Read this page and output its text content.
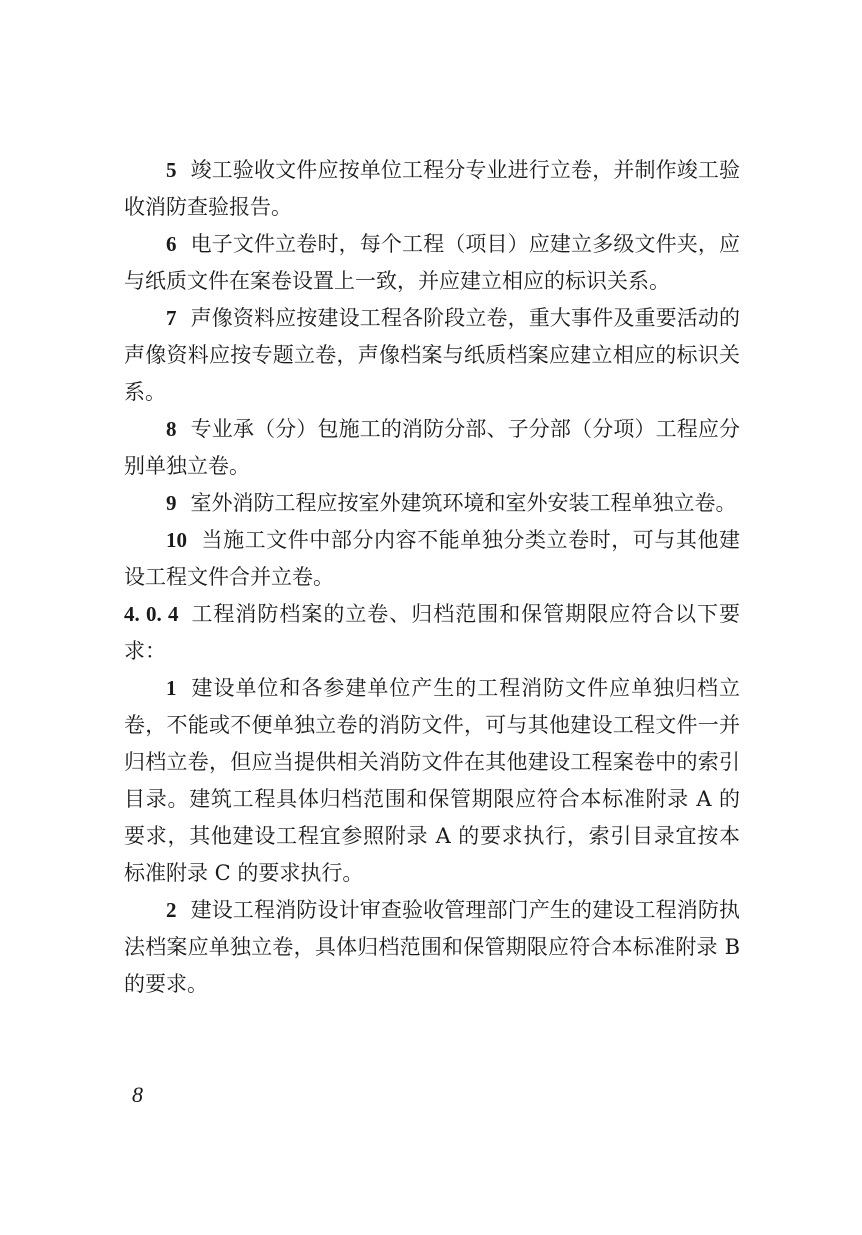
5 竣工验收文件应按单位工程分专业进行立卷，并制作竣工验收消防查验报告。

6 电子文件立卷时，每个工程（项目）应建立多级文件夹，应与纸质文件在案卷设置上一致，并应建立相应的标识关系。

7 声像资料应按建设工程各阶段立卷，重大事件及重要活动的声像资料应按专题立卷，声像档案与纸质档案应建立相应的标识关系。

8 专业承（分）包施工的消防分部、子分部（分项）工程应分别单独立卷。

9 室外消防工程应按室外建筑环境和室外安装工程单独立卷。

10 当施工文件中部分内容不能单独分类立卷时，可与其他建设工程文件合并立卷。

4. 0. 4 工程消防档案的立卷、归档范围和保管期限应符合以下要求：

1 建设单位和各参建单位产生的工程消防文件应单独归档立卷，不能或不便单独立卷的消防文件，可与其他建设工程文件一并归档立卷，但应当提供相关消防文件在其他建设工程案卷中的索引目录。建筑工程具体归档范围和保管期限应符合本标准附录 A 的要求，其他建设工程宜参照附录 A 的要求执行，索引目录宜按本标准附录 C 的要求执行。

2 建设工程消防设计审查验收管理部门产生的建设工程消防执法档案应单独立卷，具体归档范围和保管期限应符合本标准附录 B 的要求。

8
